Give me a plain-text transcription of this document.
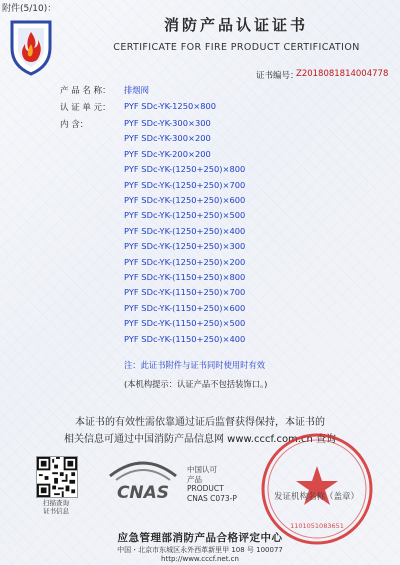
附件(5/10)：
消防产品认证证书
CERTIFICATE FOR FIRE PRODUCT CERTIFICATION
证书编号：
Z2018081814004778
产 品 名 称： 排烟阀
认 证 单 元： PYF SDc-YK-1250×800
内 含：	PYF SDc-YK-300×300
PYF SDc-YK-300×200
PYF SDc-YK-200×200
PYF SDc-YK-(1250+250)×800
PYF SDc-YK-(1250+250)×700
PYF SDc-YK-(1250+250)×600
PYF SDc-YK-(1250+250)×500
PYF SDc-YK-(1250+250)×400
PYF SDc-YK-(1250+250)×300
PYF SDc-YK-(1250+250)×200
PYF SDc-YK-(1150+250)×800
PYF SDc-YK-(1150+250)×700
PYF SDc-YK-(1150+250)×600
PYF SDc-YK-(1150+250)×500
注：此证书附件与证书同时使用时有效
(本机构提示：认证产品不包括装饰口。)
本证书的有效性需依靠通过证后监督获得保持，本证书的
相关信息可通过中国消防产品信息网 www.cccf.com.cn 查询
扫描查询
证书信息
CNAS
中国认可
产品
PRODUCT
CNAS C073-P
1101051083651
发证机构名称（盖章）
应急管理部消防产品合格评定中心
中国・北京市东城区永外西革新里甲 108 号 100077
http://www.cccf.net.cn
PYF SDc-YK-(1150+250)×400
